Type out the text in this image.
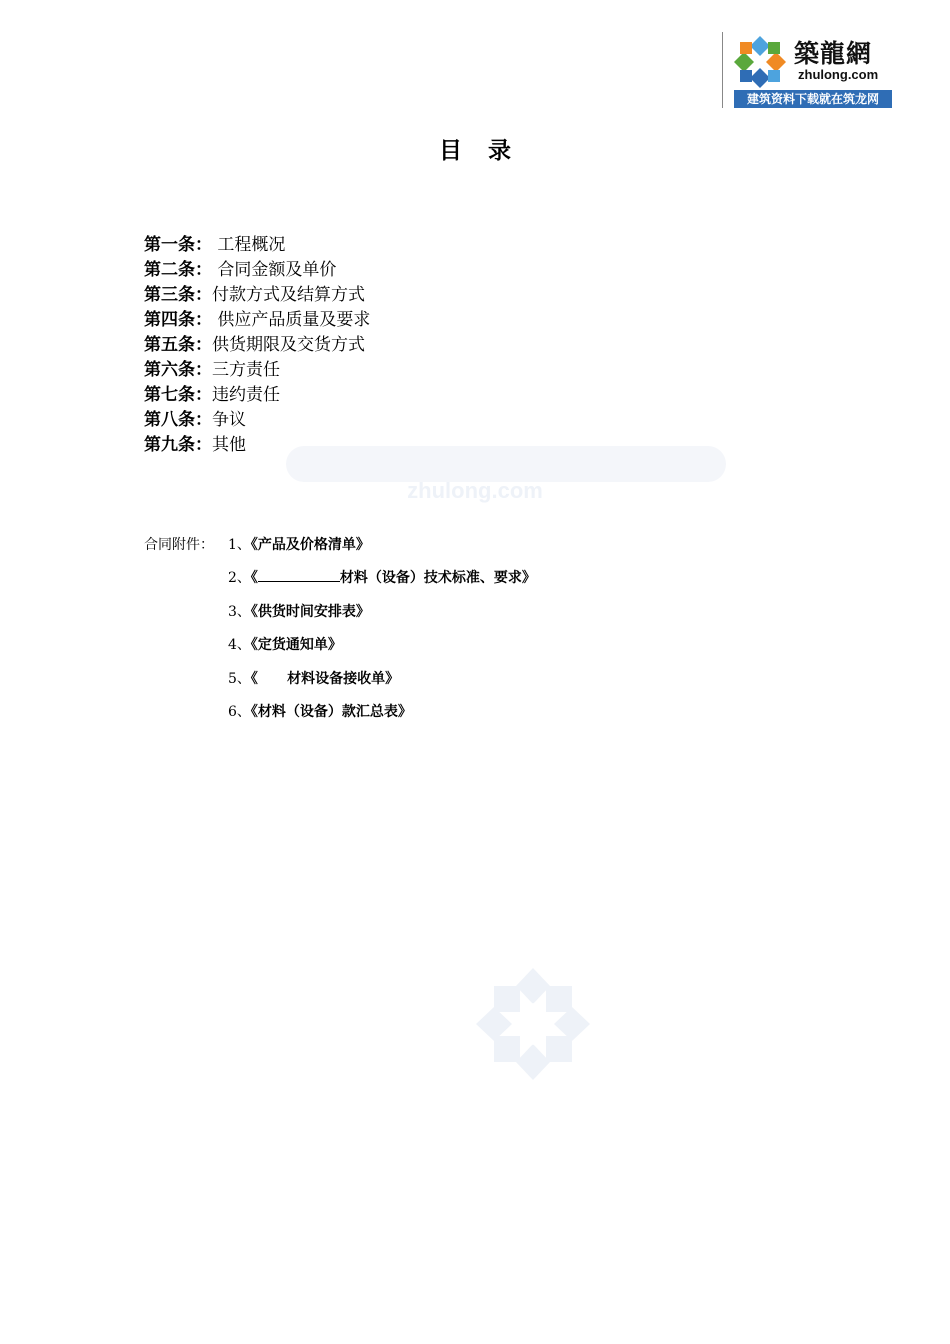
zhulong.com
築龍網
zhulong.com
建筑资料下载就在筑龙网
目录
第一条： 工程概况
第二条： 合同金额及单价
第三条：付款方式及结算方式
第四条： 供应产品质量及要求
第五条：供货期限及交货方式
第六条：三方责任
第七条：违约责任
第八条：争议
第九条：其他
合同附件： 1、《产品及价格清单》
2、《	材料（设备）技术标准、要求》
3、《供货时间安排表》
4、《定货通知单》
5、《      材料设备接收单》
6、《材料（设备）款汇总表》
